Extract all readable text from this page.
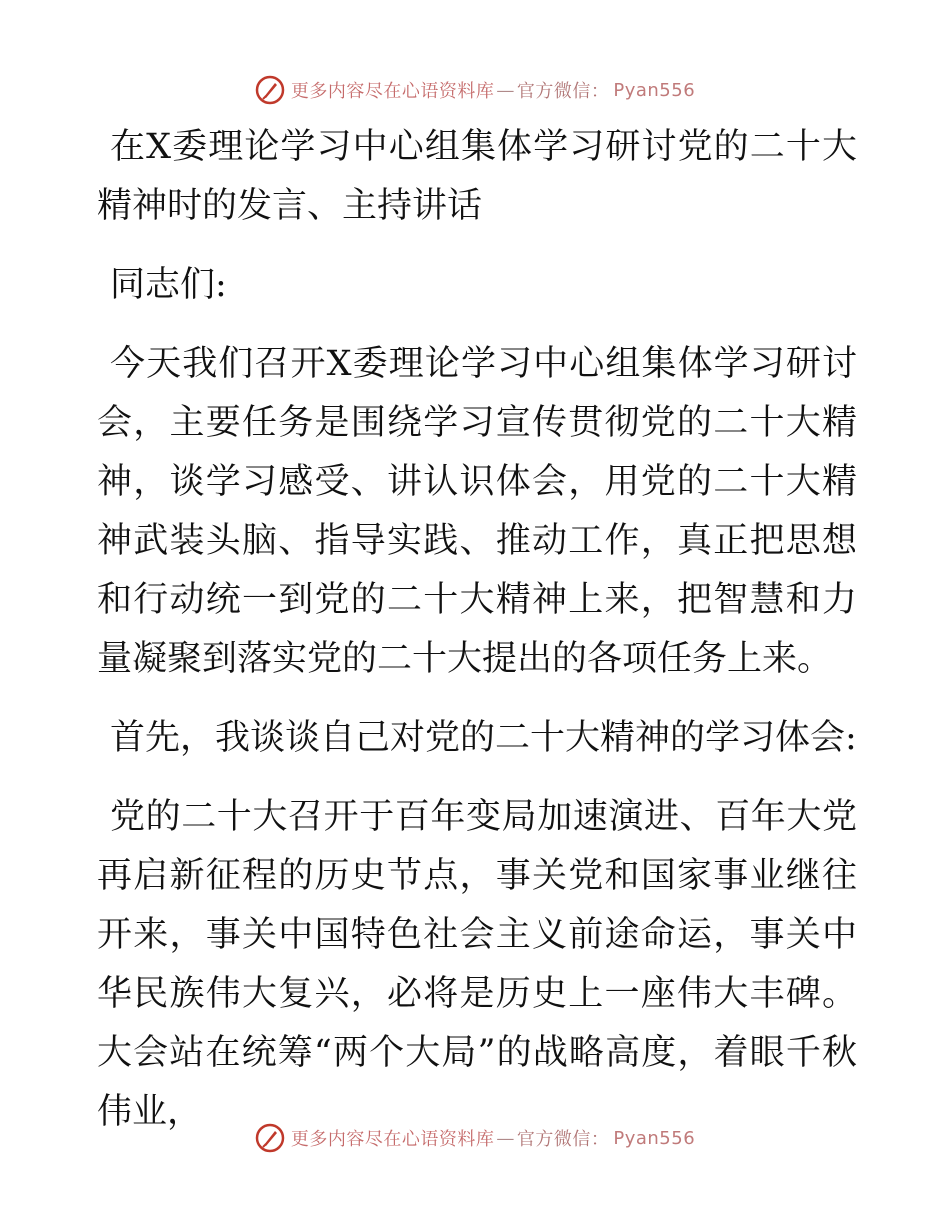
更多内容尽在心语资料库 — 官方微信： Pyan556

在X委理论学习中心组集体学习研讨党的二十大精神时的发言、主持讲话

同志们:

今天我们召开X委理论学习中心组集体学习研讨会，主要任务是围绕学习宣传贯彻党的二十大精神，谈学习感受、讲认识体会，用党的二十大精神武装头脑、指导实践、推动工作，真正把思想和行动统一到党的二十大精神上来，把智慧和力量凝聚到落实党的二十大提出的各项任务上来。

首先，我谈谈自己对党的二十大精神的学习体会:

党的二十大召开于百年变局加速演进、百年大党再启新征程的历史节点，事关党和国家事业继往开来，事关中国特色社会主义前途命运，事关中华民族伟大复兴，必将是历史上一座伟大丰碑。大会站在统筹“两个大局”的战略高度，着眼千秋伟业，

更多内容尽在心语资料库 — 官方微信： Pyan556
